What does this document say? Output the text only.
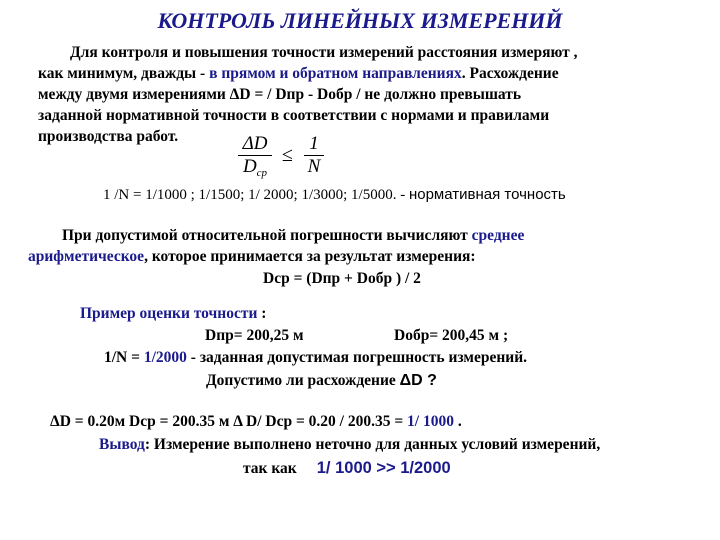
КОНТРОЛЬ ЛИНЕЙНЫХ ИЗМЕРЕНИЙ
Для контроля и повышения точности измерений расстояния измеряют ,
как минимум, дважды - в прямом и обратном направлениях. Расхождение
между двумя измерениями ΔD = / Dпр - Dобр / не должно превышать
заданной нормативной точности в соответствии с нормами и правилами
производства работ.	ΔD
$D_{ср}$
≤
1
N
1 /N = 1/1000 ; 1/1500; 1/ 2000; 1/3000; 1/5000. - нормативная точность
При допустимой относительной погрешности вычисляют среднее
арифметическое, которое принимается за результат измерения:
Dср = (Dпр + Dобр ) / 2
Пример оценки точности :
Dпр= 200,25 м	Dобр= 200,45 м ;
1/N = 1/2000 - заданная допустимая погрешность измерений.
Допустимо ли расхождение ΔD ?
ΔD = 0.20м Dср = 200.35 м Δ D/ Dср = 0.20 / 200.35 = 1/ 1000 .
Вывод: Измерение выполнено неточно для данных условий измерений,
так как 1/ 1000 >> 1/2000
